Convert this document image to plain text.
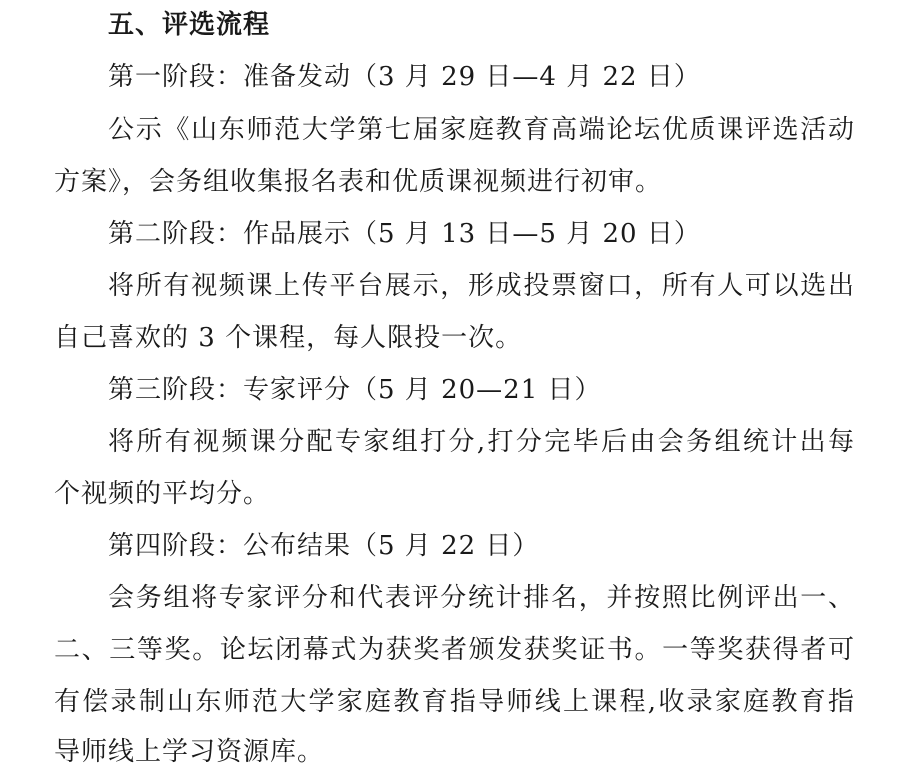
五、评选流程
第一阶段：准备发动（3 月 29 日—4 月 22 日）
公示《山东师范大学第七届家庭教育高端论坛优质课评选活动
方案》，会务组收集报名表和优质课视频进行初审。
第二阶段：作品展示（5 月 13 日—5 月 20 日）
将所有视频课上传平台展示，形成投票窗口，所有人可以选出
自己喜欢的 3 个课程，每人限投一次。
第三阶段：专家评分（5 月 20—21 日）
将所有视频课分配专家组打分,打分完毕后由会务组统计出每
个视频的平均分。
第四阶段：公布结果（5 月 22 日）
会务组将专家评分和代表评分统计排名，并按照比例评出一、
二、三等奖。论坛闭幕式为获奖者颁发获奖证书。一等奖获得者可
有偿录制山东师范大学家庭教育指导师线上课程,收录家庭教育指
导师线上学习资源库。
